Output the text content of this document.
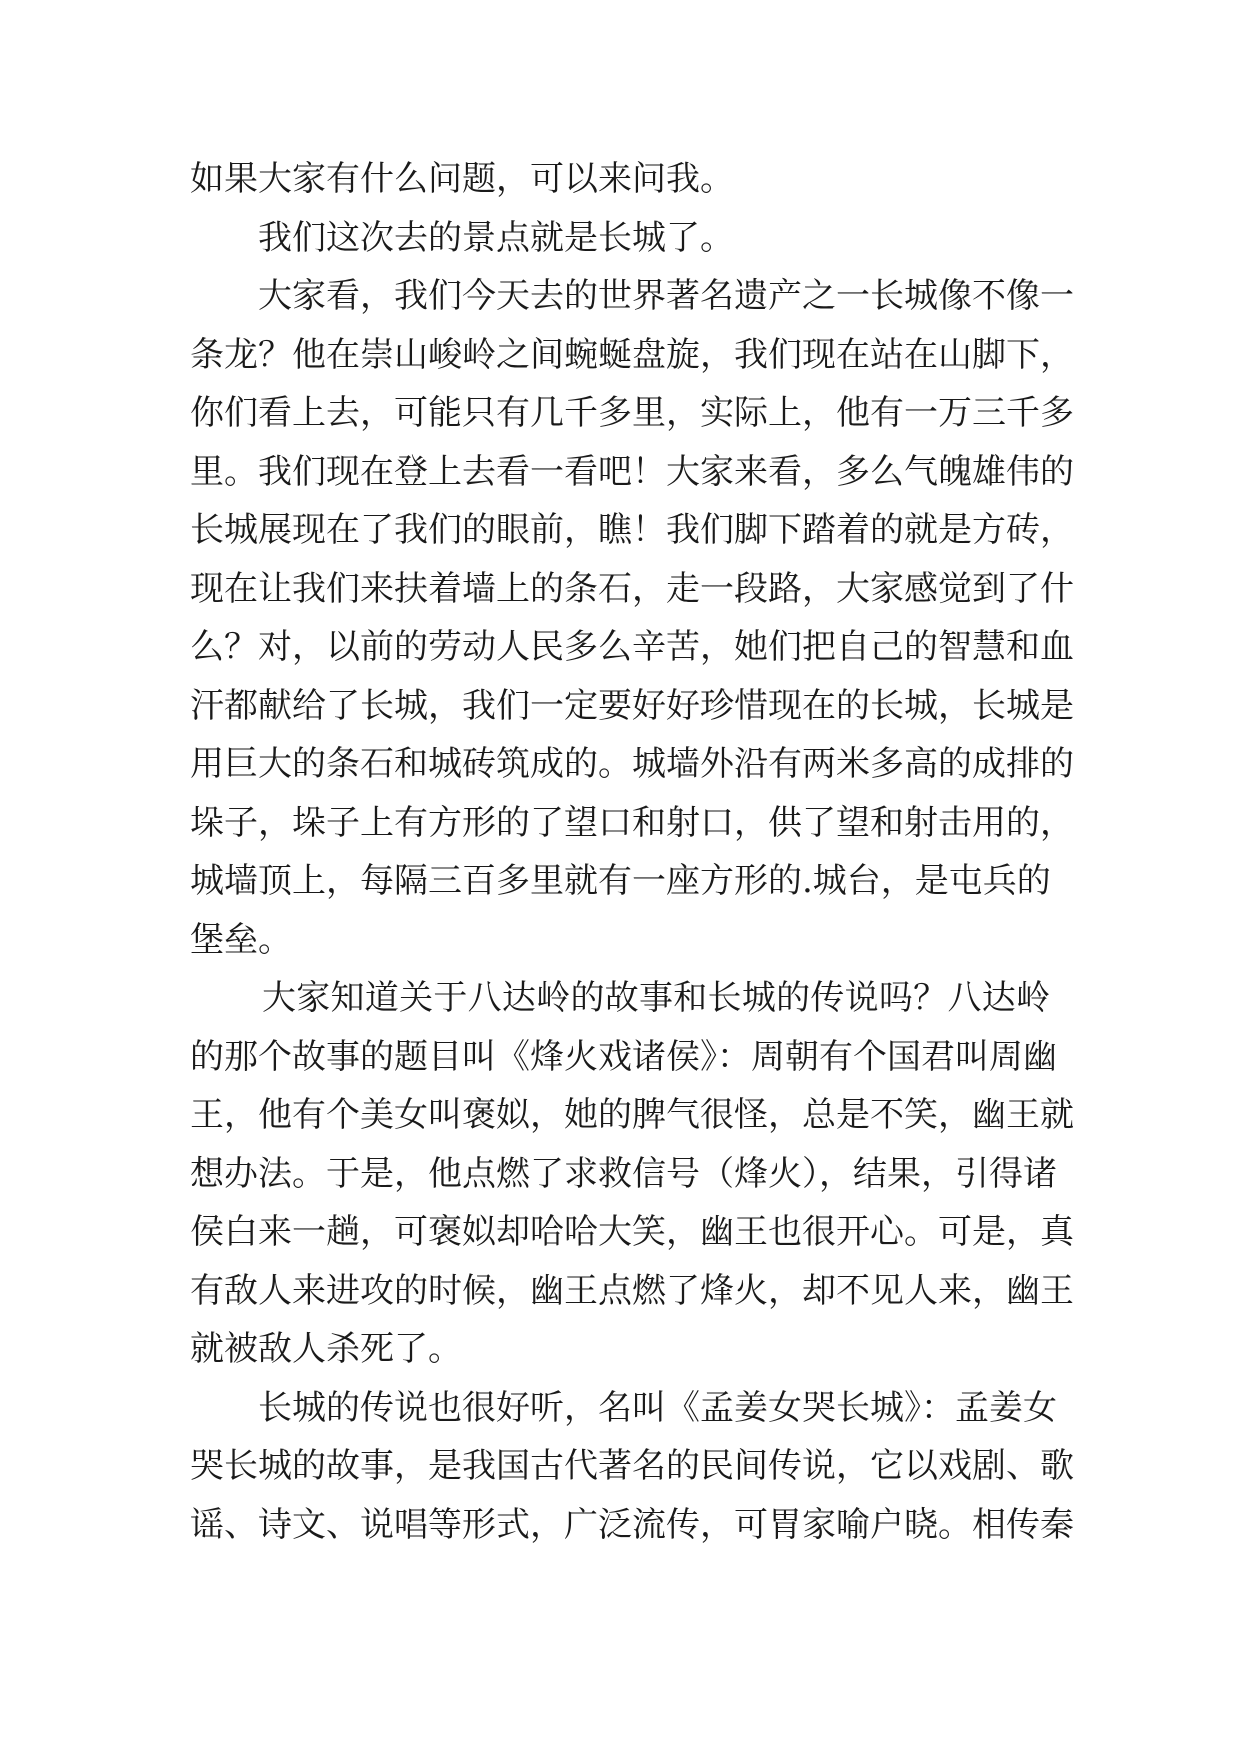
如果大家有什么问题，可以来问我。
我们这次去的景点就是长城了。
大家看，我们今天去的世界著名遗产之一长城像不像一
条龙？他在崇山峻岭之间蜿蜒盘旋，我们现在站在山脚下，
你们看上去，可能只有几千多里，实际上，他有一万三千多
里。我们现在登上去看一看吧！大家来看，多么气魄雄伟的
长城展现在了我们的眼前，瞧！我们脚下踏着的就是方砖，
现在让我们来扶着墙上的条石，走一段路，大家感觉到了什
么？对，以前的劳动人民多么辛苦，她们把自己的智慧和血
汗都献给了长城，我们一定要好好珍惜现在的长城，长城是
用巨大的条石和城砖筑成的。城墙外沿有两米多高的成排的
垛子，垛子上有方形的了望口和射口，供了望和射击用的，
城墙顶上，每隔三百多里就有一座方形的.城台，是屯兵的
堡垒。
大家知道关于八达岭的故事和长城的传说吗？八达岭
的那个故事的题目叫《烽火戏诸侯》：周朝有个国君叫周幽
王，他有个美女叫褒姒，她的脾气很怪，总是不笑，幽王就
想办法。于是，他点燃了求救信号（烽火），结果，引得诸
侯白来一趟，可褒姒却哈哈大笑，幽王也很开心。可是，真
有敌人来进攻的时候，幽王点燃了烽火，却不见人来，幽王
就被敌人杀死了。
长城的传说也很好听，名叫《孟姜女哭长城》：孟姜女
哭长城的故事，是我国古代著名的民间传说，它以戏剧、歌
谣、诗文、说唱等形式，广泛流传，可胃家喻户晓。相传秦
